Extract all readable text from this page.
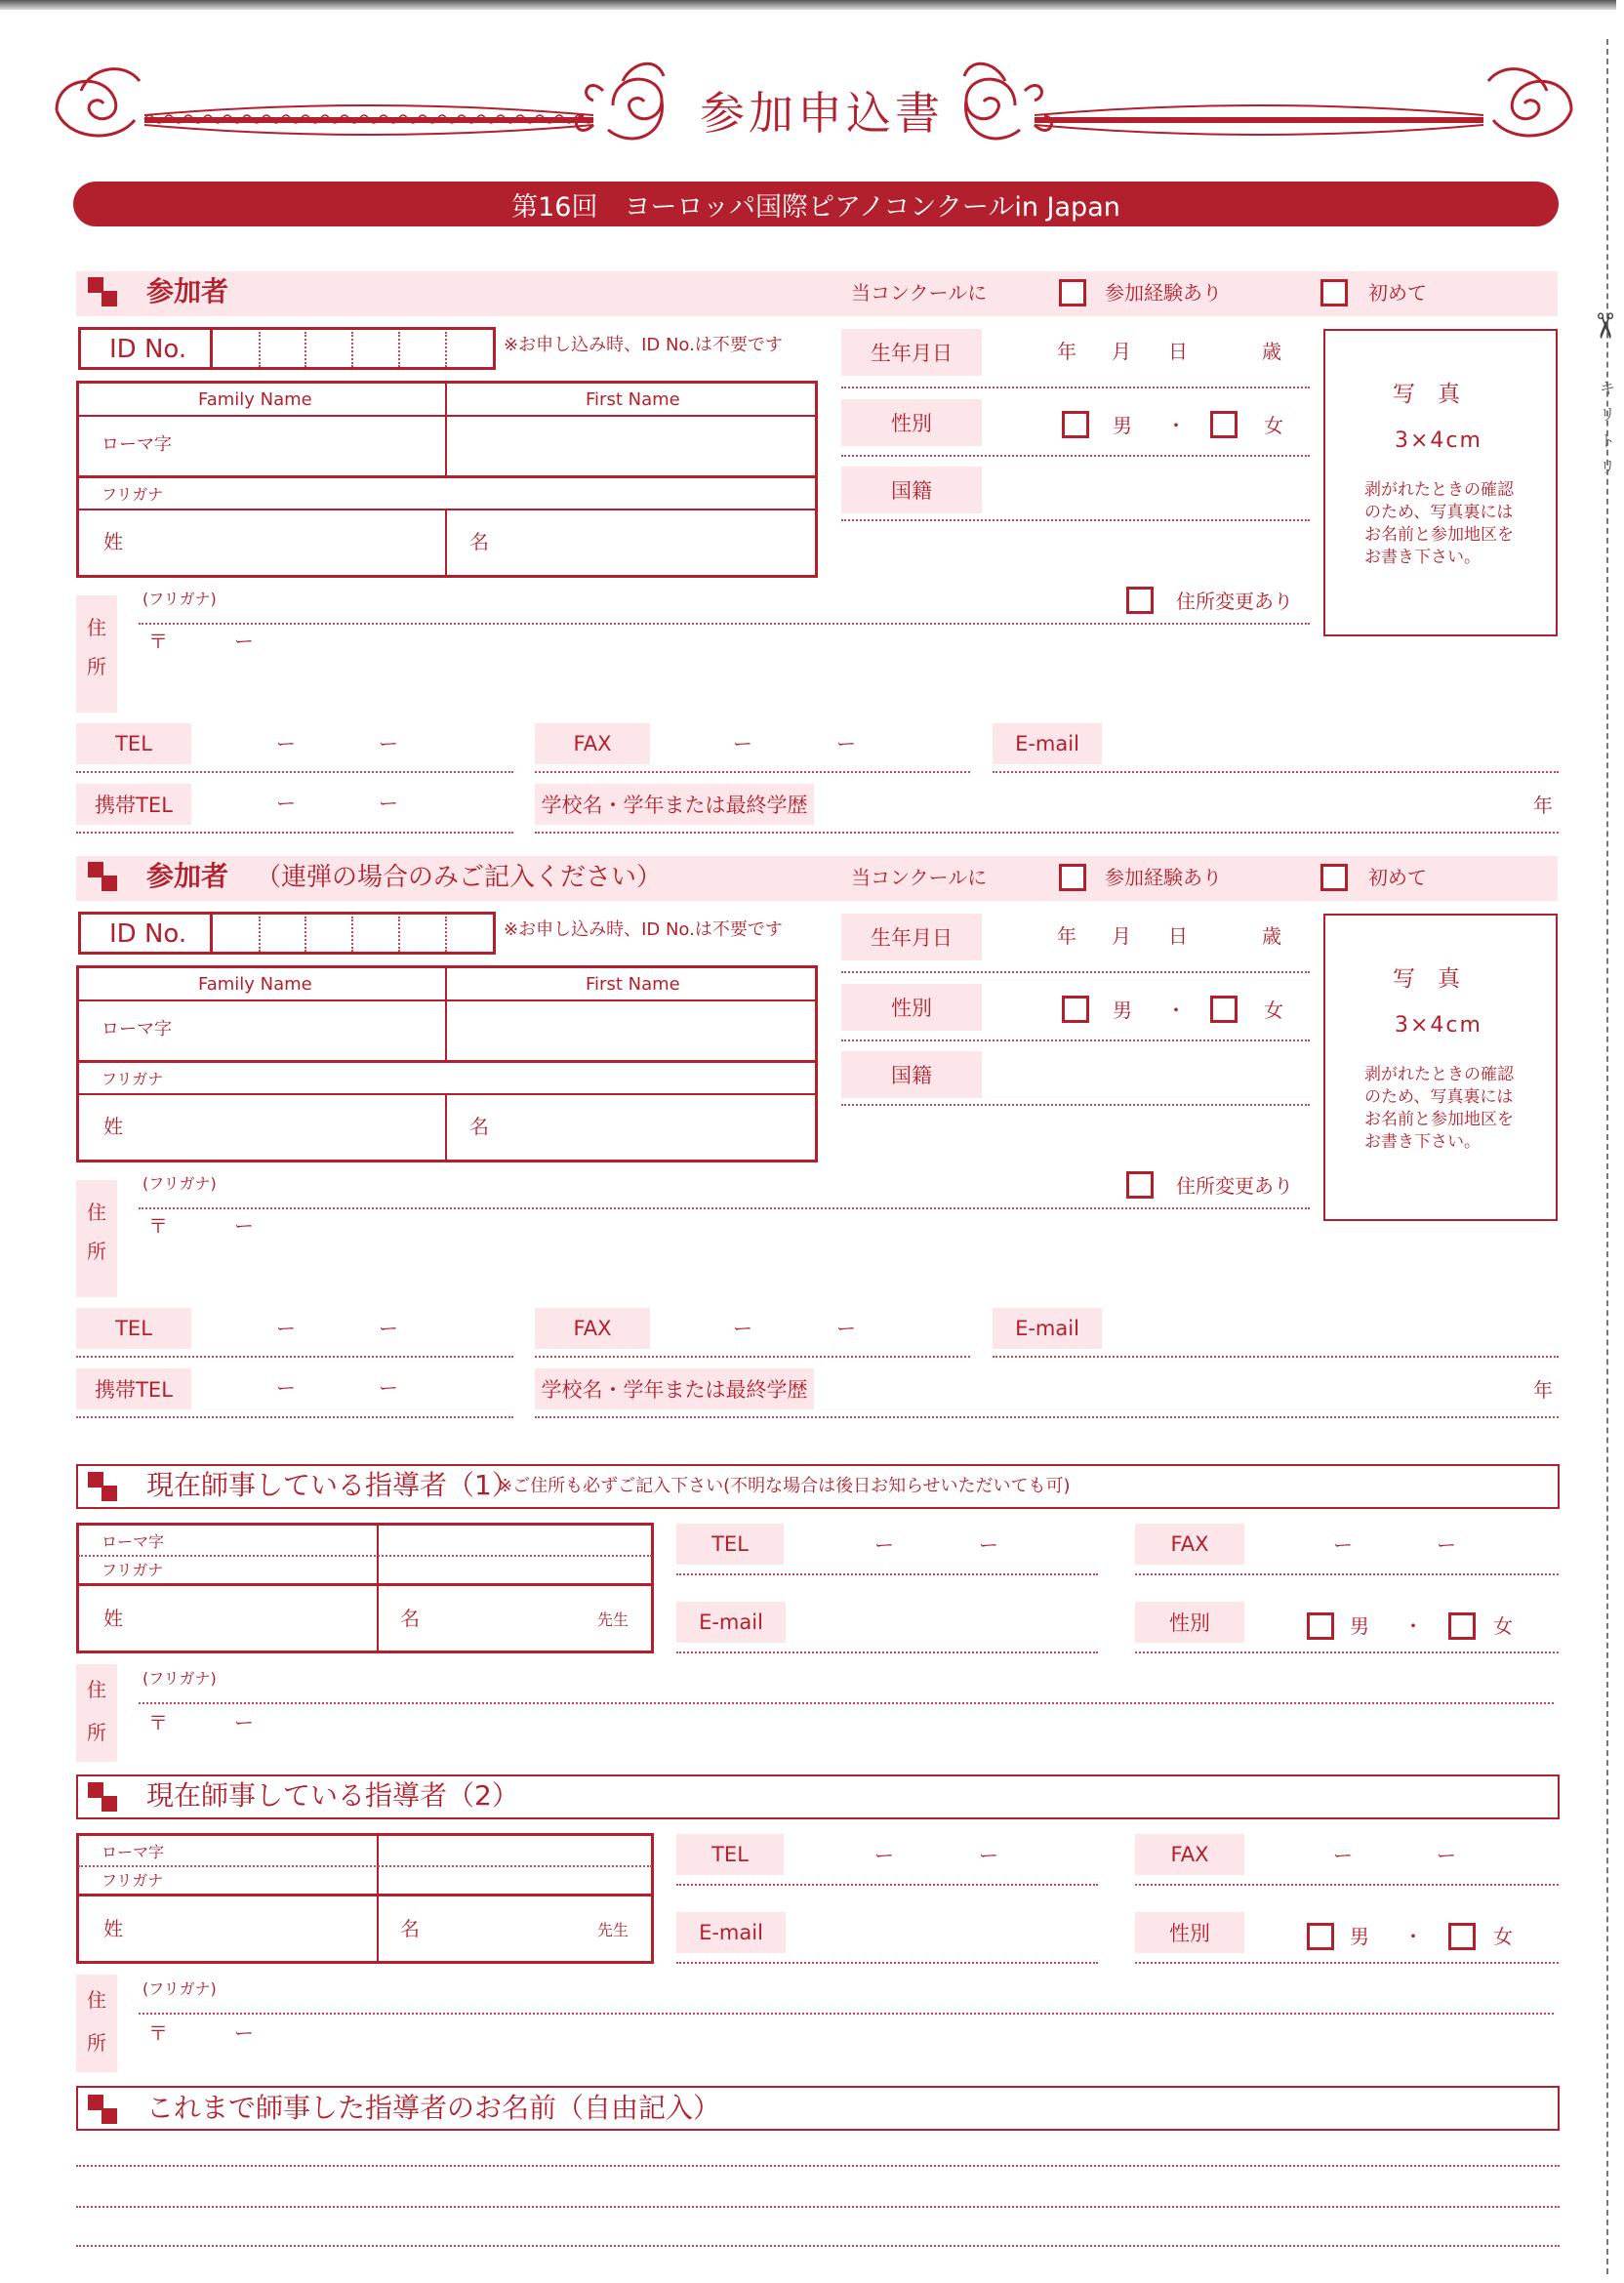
参加申込書
第16回　ヨーロッパ国際ピアノコンクールin Japan
✂
キリトリ
参加者	当コンクールに	参加経験あり	初めて
ID No.	※お申し込み時、ID No.は不要です
Family Name	First Name
ローマ字
フリガナ
姓	名
生年月日	年 月 日	歳
性別	男 ・	女
国籍
写　真
3×4cm
剥がれたときの確認のため、写真裏にはお名前と参加地区をお書き下さい。
住
所
(フリガナ)	住所変更あり
〒	ー
TEL	ー	ー	FAX	ー	ー	E-mail
携帯TEL	ー	ー	学校名・学年または最終学歴	年
参加者 （連弾の場合のみご記入ください）	当コンクールに	参加経験あり	初めて
ID No.	※お申し込み時、ID No.は不要です
Family Name	First Name
ローマ字
フリガナ
姓	名
生年月日	年 月 日	歳
性別	男 ・	女
国籍
写　真
3×4cm
剥がれたときの確認のため、写真裏にはお名前と参加地区をお書き下さい。
住
所
(フリガナ)	住所変更あり
〒	ー
TEL	ー	ー	FAX	ー	ー	E-mail
携帯TEL	ー	ー	学校名・学年または最終学歴	年
現在師事している指導者（1）
※ご住所も必ずご記入下さい(不明な場合は後日お知らせいただいても可)
ローマ字
フリガナ
姓	名	先生
TEL	ー	ー	FAX	ー	ー
E-mail	性別	男 ・	女
住
所
(フリガナ)
〒	ー
現在師事している指導者（2）
ローマ字
フリガナ
姓	名	先生
TEL	ー	ー	FAX	ー	ー
E-mail	性別	男 ・	女
住
所
(フリガナ)
〒	ー
これまで師事した指導者のお名前（自由記入）
